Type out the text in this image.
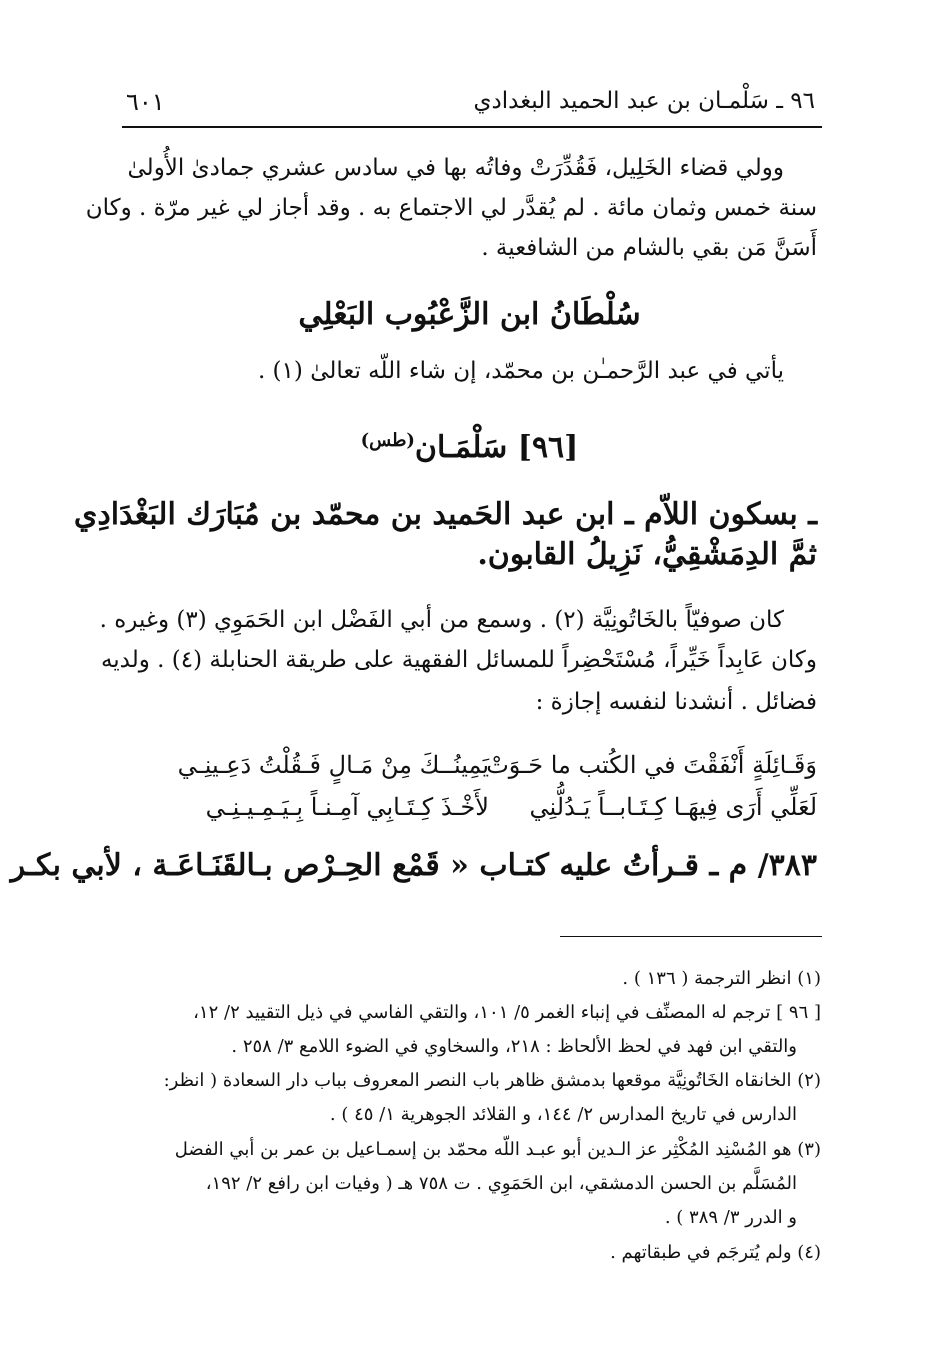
٩٦ ـ سَلْمـان بن عبد الحميد البغدادي
٦٠١
وولي قضاء الخَلِيل، فَقُدِّرَتْ وفاتُه بها في سادس عشري جمادىٰ الأُولىٰ
سنة خمس وثمان مائة . لم يُقدَّر لي الاجتماع به . وقد أجاز لي غير مرّة . وكان
أَسَنَّ مَن بقي بالشام من الشافعية .
سُلْطَانُ ابن الزَّعْبُوب البَعْلِي
يأتي في عبد الرَّحمـٰن بن محمّد، إن شاء اللّه تعالىٰ (١) .
[٩٦] سَلْمَـان$^{(طس)}$
ـ بسكون اللاّم ـ ابن عبد الحَميد بن محمّد بن مُبَارَك البَغْدَادِي
ثمَّ الدِمَشْقِيُّ، نَزِيلُ القابون.
كان صوفيّاً بالخَاتُونِيَّة (٢) . وسمع من أبي الفَضْل ابن الحَمَوِي (٣) وغيره .
وكان عَابِداً خَيِّراً، مُسْتَحْضِراً للمسائل الفقهية على طريقة الحنابلة (٤) . ولديه
فضائل . أنشدنا لنفسه إجازة :
وَقَـائِلَةٍ أَنْفَقْتَ في الكُتب ما حَـوَتْ
يَمِينُــكَ مِنْ مَـالٍ فَـقُلْتُ دَعِـينِـي
لَعَلِّي أَرَى فِيهَـا كِـتَـابــاً يَـدُلُّنِي
لأَخْـذَ كِـتَـابِي آمِـنـاً بِـيَـمِـيـنِـي
٣٨٣/ م ـ قـرأتُ عليه كتـاب « قَمْع الحِـرْص بـالقَنَـاعَـة ، لأبي بكـر
(١) انظر الترجمة ( ١٣٦ ) .
[ ٩٦ ] ترجم له المصنِّف في إنباء الغمر ٥/ ١٠١، والتقي الفاسي في ذيل التقييد ٢/ ١٢،
والتقي ابن فهد في لحظ الألحاظ : ٢١٨، والسخاوي في الضوء اللامع ٣/ ٢٥٨ .
(٢) الخانقاه الخَاتُونِيَّة موقعها بدمشق ظاهر باب النصر المعروف بباب دار السعادة ( انظر:
الدارس في تاريخ المدارس ٢/ ١٤٤، و القلائد الجوهرية ١/ ٤٥ ) .
(٣) هو المُسْنِد المُكْثِر عز الـدين أبو عبـد اللّه محمّد بن إسمـاعيل بن عمر بن أبي الفضل
المُسَلَّم بن الحسن الدمشقي، ابن الحَمَوِي . ت ٧٥٨ هـ ( وفيات ابن رافع ٢/ ١٩٢،
و الدرر ٣/ ٣٨٩ ) .
(٤) ولم يُترجَم في طبقاتهم .
